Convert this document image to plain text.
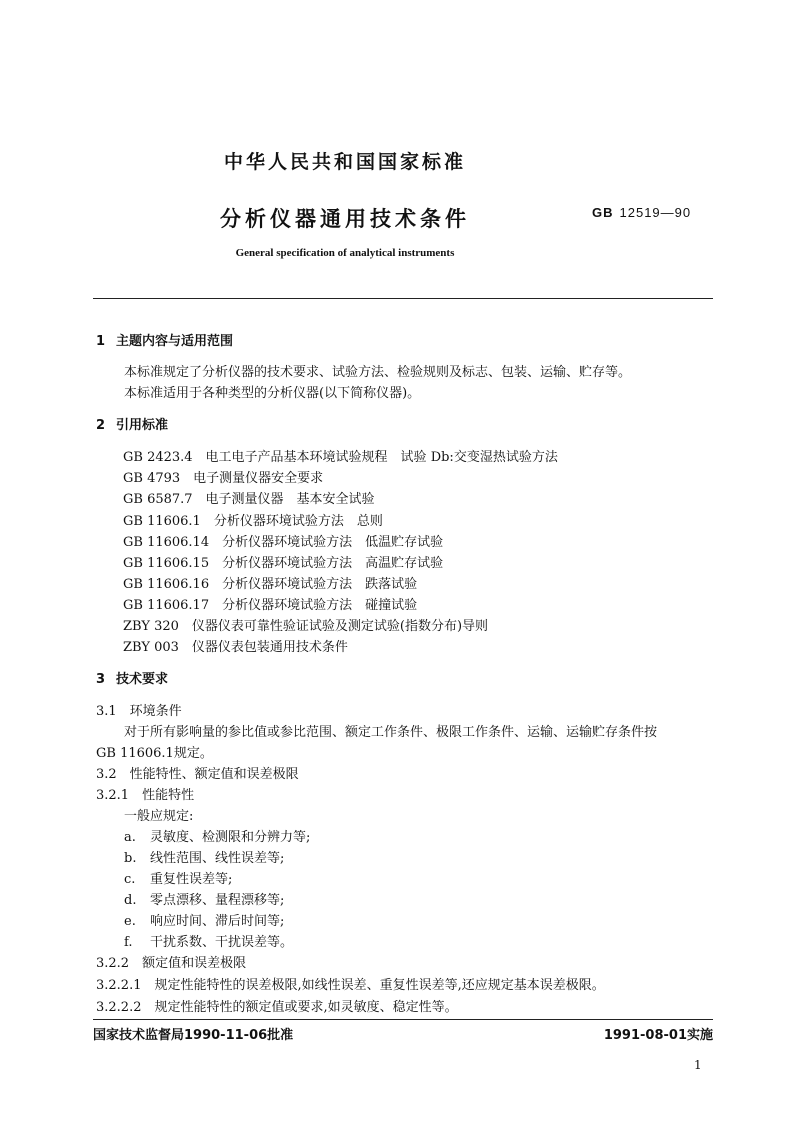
中华人民共和国国家标准
分析仪器通用技术条件	GB 12519—90
General specification of analytical instruments
1 主题内容与适用范围
本标准规定了分析仪器的技术要求、试验方法、检验规则及标志、包装、运输、贮存等。
本标准适用于各种类型的分析仪器(以下简称仪器)。
2 引用标准
GB 2423.4　电工电子产品基本环境试验规程　试验 Db:交变湿热试验方法
GB 4793　电子测量仪器安全要求
GB 6587.7　电子测量仪器　基本安全试验
GB 11606.1　分析仪器环境试验方法　总则
GB 11606.14　分析仪器环境试验方法　低温贮存试验
GB 11606.15　分析仪器环境试验方法　高温贮存试验
GB 11606.16　分析仪器环境试验方法　跌落试验
GB 11606.17　分析仪器环境试验方法　碰撞试验
ZBY 320　仪器仪表可靠性验证试验及测定试验(指数分布)导则
ZBY 003　仪器仪表包装通用技术条件
3 技术要求
3.1　环境条件
对于所有影响量的参比值或参比范围、额定工作条件、极限工作条件、运输、运输贮存条件按
GB 11606.1规定。
3.2　性能特性、额定值和误差极限
3.2.1　性能特性
一般应规定:
a. 灵敏度、检测限和分辨力等;
b. 线性范围、线性误差等;
c. 重复性误差等;
d. 零点漂移、量程漂移等;
e. 响应时间、滞后时间等;
f. 干扰系数、干扰误差等。
3.2.2　额定值和误差极限
3.2.2.1　规定性能特性的误差极限,如线性误差、重复性误差等,还应规定基本误差极限。
3.2.2.2　规定性能特性的额定值或要求,如灵敏度、稳定性等。
国家技术监督局1990-11-06批准	1991-08-01实施
1
